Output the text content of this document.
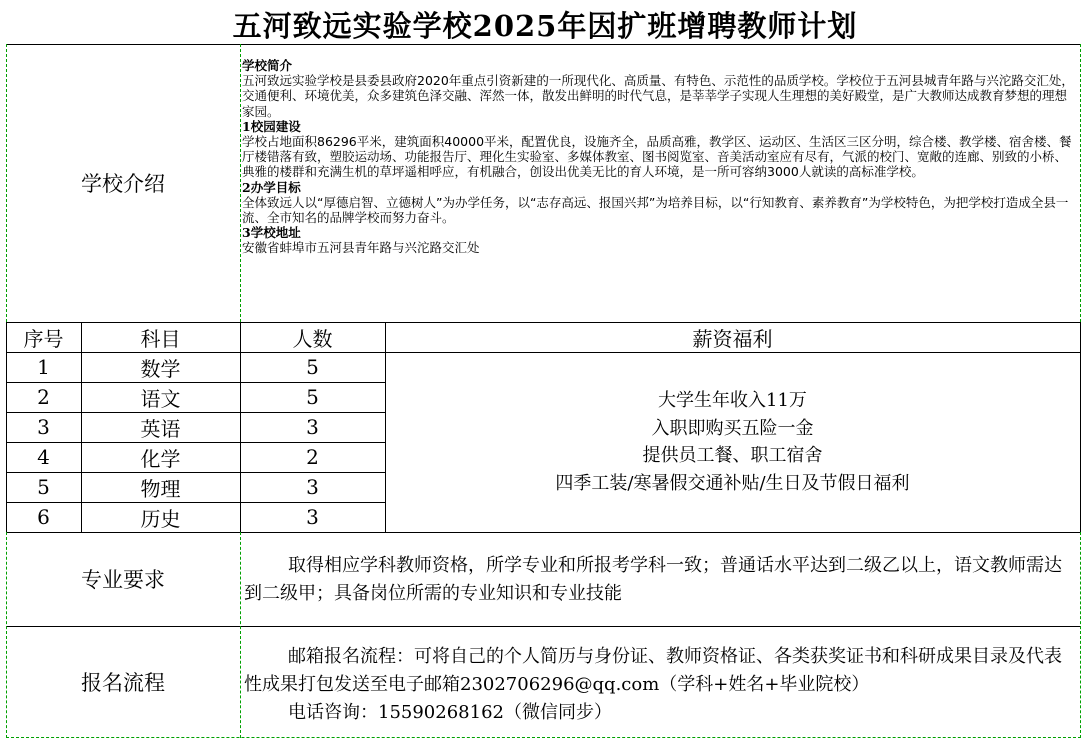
五河致远实验学校2025年因扩班增聘教师计划
学校介绍
学校简介
五河致远实验学校是县委县政府2020年重点引资新建的一所现代化、高质量、有特色、示范性的品质学校。学校位于五河县城青年路与兴沱路交汇处，交通便利、环境优美，众多建筑色泽交融、浑然一体，散发出鲜明的时代气息，是莘莘学子实现人生理想的美好殿堂，是广大教师达成教育梦想的理想家园。
1校园建设
学校占地面积86296平米，建筑面积40000平米，配置优良，设施齐全，品质高雅，教学区、运动区、生活区三区分明，综合楼、教学楼、宿舍楼、餐厅楼错落有致，塑胶运动场、功能报告厅、理化生实验室、多媒体教室、图书阅览室、音美活动室应有尽有，气派的校门、宽敞的连廊、别致的小桥、典雅的楼群和充满生机的草坪遥相呼应，有机融合，创设出优美无比的育人环境，是一所可容纳3000人就读的高标准学校。
2办学目标
全体致远人以“厚德启智、立德树人”为办学任务，以“志存高远、报国兴邦”为培养目标，以“行知教育、素养教育”为学校特色，为把学校打造成全县一流、全市知名的品牌学校而努力奋斗。
3学校地址
安徽省蚌埠市五河县青年路与兴沱路交汇处
序号	科目	人数	薪资福利
1	数学	5
2	语文	5
3	英语	3
4	化学	2
5	物理	3
6	历史	3
大学生年收入11万
入职即购买五险一金
提供员工餐、职工宿舍
四季工装/寒暑假交通补贴/生日及节假日福利
专业要求
取得相应学科教师资格，所学专业和所报考学科一致；普通话水平达到二级乙以上，语文教师需达到二级甲；具备岗位所需的专业知识和专业技能
报名流程
邮箱报名流程：可将自己的个人简历与身份证、教师资格证、各类获奖证书和科研成果目录及代表性成果打包发送至电子邮箱2302706296@qq.com（学科+姓名+毕业院校）
电话咨询：15590268162（微信同步）
